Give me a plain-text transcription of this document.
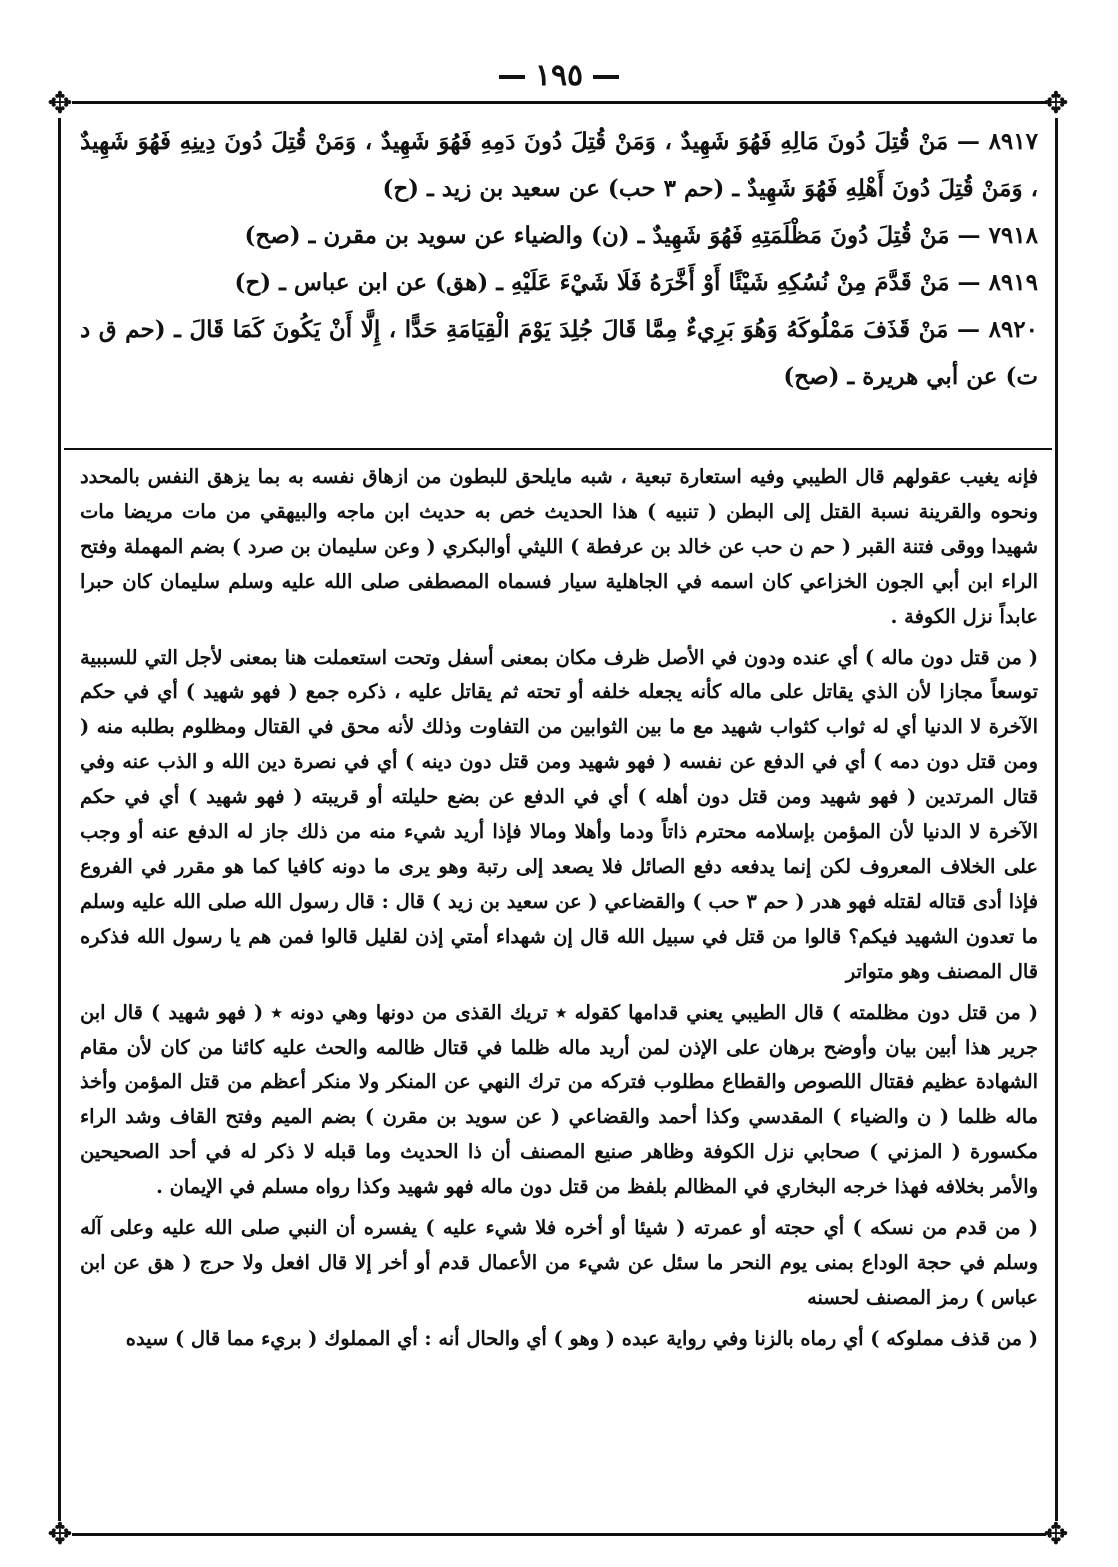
١٩٥
✥	✥
✥	✥

٨٩١٧ — مَنْ قُتِلَ دُونَ مَالِهِ فَهُوَ شَهِيدٌ ، وَمَنْ قُتِلَ دُونَ دَمِهِ فَهُوَ شَهِيدٌ ، وَمَنْ قُتِلَ دُونَ دِينِهِ فَهُوَ شَهِيدٌ ، وَمَنْ قُتِلَ دُونَ أَهْلِهِ فَهُوَ شَهِيدٌ ـ (حم ٣ حب) عن سعيد بن زيد ـ (ح)

٧٩١٨ — مَنْ قُتِلَ دُونَ مَظْلَمَتِهِ فَهُوَ شَهِيدٌ ـ (ن) والضياء عن سويد بن مقرن ـ (صح)

٨٩١٩ — مَنْ قَدَّمَ مِنْ نُسُكِهِ شَيْئًا أَوْ أَخَّرَهُ فَلَا شَيْءَ عَلَيْهِ ـ (هق) عن ابن عباس ـ (ح)

٨٩٢٠ — مَنْ قَذَفَ مَمْلُوكَهُ وَهُوَ بَرِيءٌ مِمَّا قَالَ جُلِدَ يَوْمَ الْقِيَامَةِ حَدًّا ، إِلَّا أَنْ يَكُونَ كَمَا قَالَ ـ (حم ق د ت) عن أبي هريرة ـ (صح)

فإنه يغيب عقولهم قال الطيبي وفيه استعارة تبعية ، شبه مايلحق للبطون من ازهاق نفسه به بما يزهق النفس بالمحدد ونحوه والقرينة نسبة القتل إلى البطن ( تنبيه ) هذا الحديث خص به حديث ابن ماجه والبيهقي من مات مريضا مات شهيدا ووقى فتنة القبر ( حم ن حب عن خالد بن عرفطة ) الليثي أوالبكري ( وعن سليمان بن صرد ) بضم المهملة وفتح الراء ابن أبي الجون الخزاعي كان اسمه في الجاهلية سيار فسماه المصطفى صلى الله عليه وسلم سليمان كان حبرا عابداً نزل الكوفة .

( من قتل دون ماله ) أي عنده ودون في الأصل ظرف مكان بمعنى أسفل وتحت استعملت هنا بمعنى لأجل التي للسببية توسعاً مجازا لأن الذي يقاتل على ماله كأنه يجعله خلفه أو تحته ثم يقاتل عليه ، ذكره جمع ( فهو شهيد ) أي في حكم الآخرة لا الدنيا أي له ثواب كثواب شهيد مع ما بين الثوابين من التفاوت وذلك لأنه محق في القتال ومظلوم بطلبه منه ( ومن قتل دون دمه ) أي في الدفع عن نفسه ( فهو شهيد ومن قتل دون دينه ) أي في نصرة دين الله و الذب عنه وفي قتال المرتدين ( فهو شهيد ومن قتل دون أهله ) أي في الدفع عن بضع حليلته أو قريبته ( فهو شهيد ) أي في حكم الآخرة لا الدنيا لأن المؤمن بإسلامه محترم ذاتاً ودما وأهلا ومالا فإذا أريد شيء منه من ذلك جاز له الدفع عنه أو وجب على الخلاف المعروف لكن إنما يدفعه دفع الصائل فلا يصعد إلى رتبة وهو يرى ما دونه كافيا كما هو مقرر في الفروع فإذا أدى قتاله لقتله فهو هدر ( حم ٣ حب ) والقضاعي ( عن سعيد بن زيد ) قال : قال رسول الله صلى الله عليه وسلم ما تعدون الشهيد فيكم؟ قالوا من قتل في سبيل الله قال إن شهداء أمتي إذن لقليل قالوا فمن هم يا رسول الله فذكره قال المصنف وهو متواتر

( من قتل دون مظلمته ) قال الطيبي يعني قدامها كقوله ٭ تريك القذى من دونها وهي دونه ٭ ( فهو شهيد ) قال ابن جرير هذا أبين بيان وأوضح برهان على الإذن لمن أريد ماله ظلما في قتال ظالمه والحث عليه كائنا من كان لأن مقام الشهادة عظيم فقتال اللصوص والقطاع مطلوب فتركه من ترك النهي عن المنكر ولا منكر أعظم من قتل المؤمن وأخذ ماله ظلما ( ن والضياء ) المقدسي وكذا أحمد والقضاعي ( عن سويد بن مقرن ) بضم الميم وفتح القاف وشد الراء مكسورة ( المزني ) صحابي نزل الكوفة وظاهر صنيع المصنف أن ذا الحديث وما قبله لا ذكر له في أحد الصحيحين والأمر بخلافه فهذا خرجه البخاري في المظالم بلفظ من قتل دون ماله فهو شهيد وكذا رواه مسلم في الإيمان .

( من قدم من نسكه ) أي حجته أو عمرته ( شيئا أو أخره فلا شيء عليه ) يفسره أن النبي صلى الله عليه وعلى آله وسلم في حجة الوداع بمنى يوم النحر ما سئل عن شيء من الأعمال قدم أو أخر إلا قال افعل ولا حرج ( هق عن ابن عباس ) رمز المصنف لحسنه

( من قذف مملوكه ) أي رماه بالزنا وفي رواية عبده ( وهو ) أي والحال أنه : أي المملوك ( بريء مما قال ) سيده
